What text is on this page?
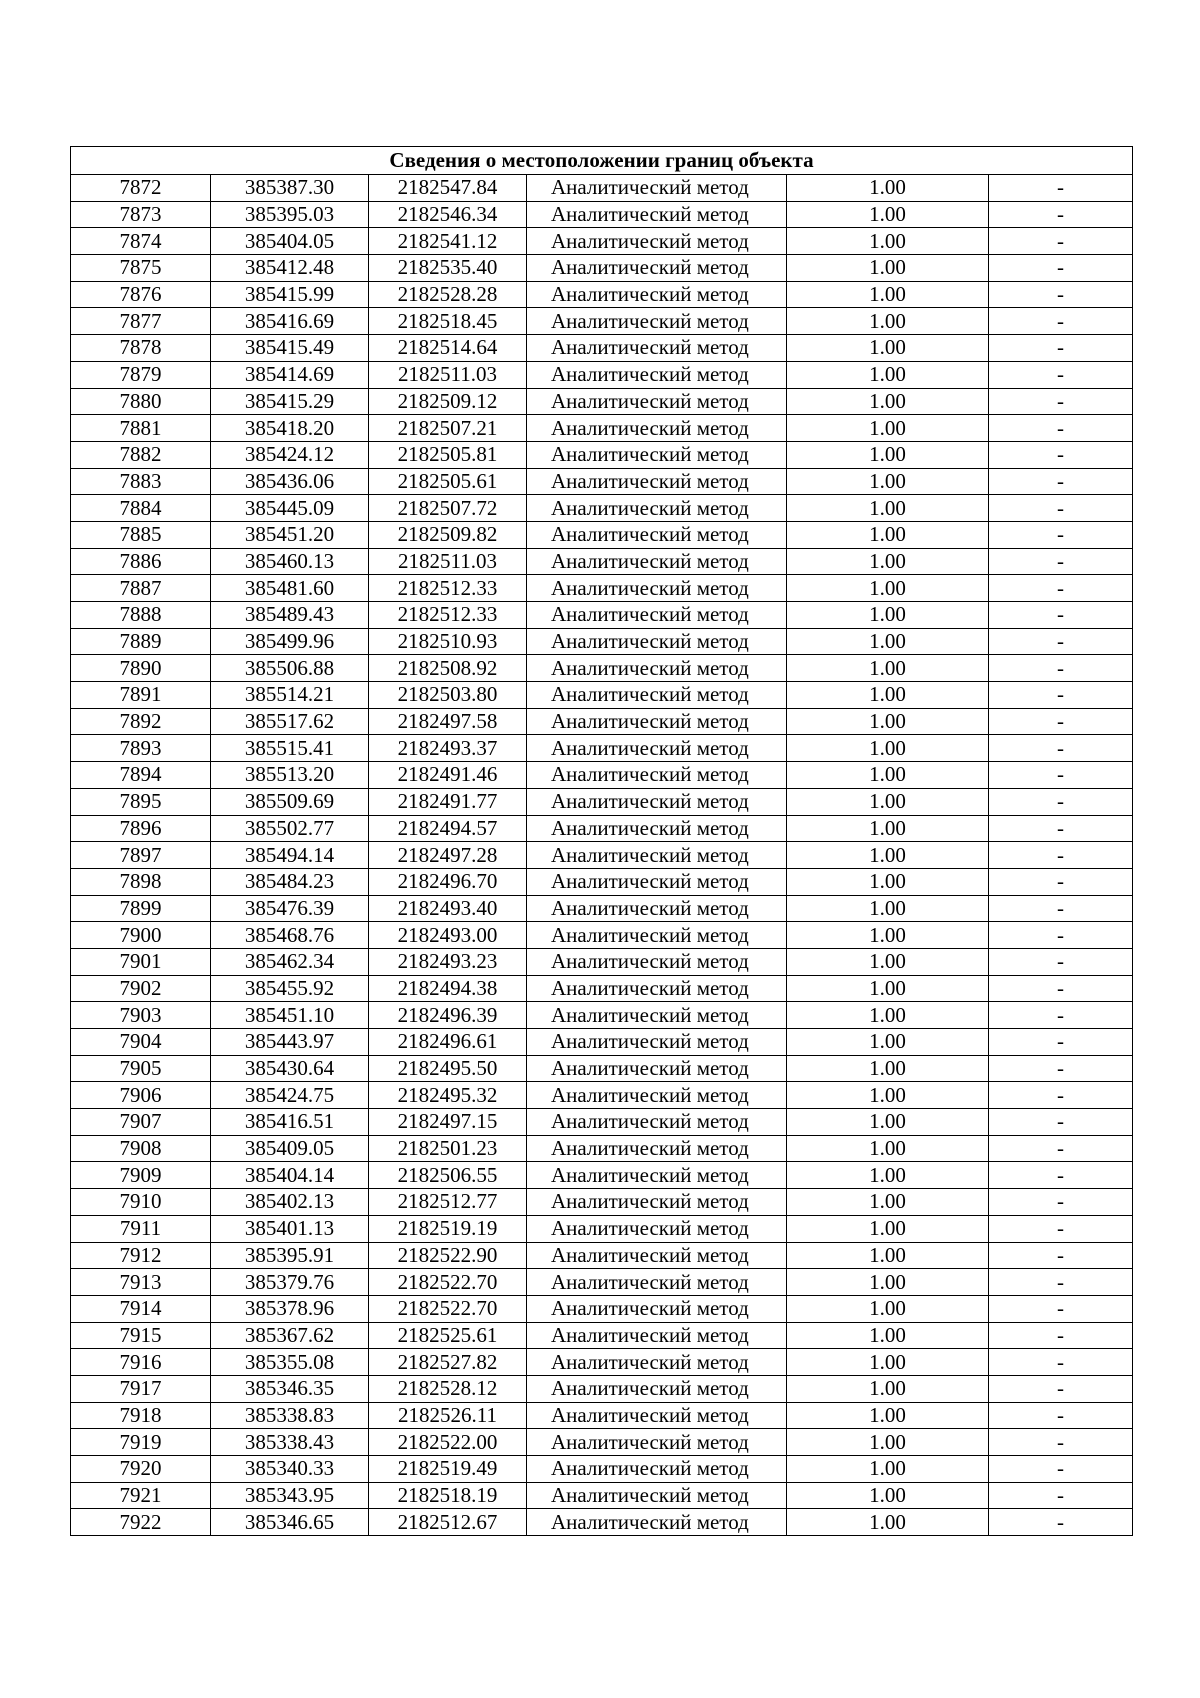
Сведения о местоположении границ объекта					
7872	385387.30	2182547.84	Аналитический метод	1.00	-
7873	385395.03	2182546.34	Аналитический метод	1.00	-
7874	385404.05	2182541.12	Аналитический метод	1.00	-
7875	385412.48	2182535.40	Аналитический метод	1.00	-
7876	385415.99	2182528.28	Аналитический метод	1.00	-
7877	385416.69	2182518.45	Аналитический метод	1.00	-
7878	385415.49	2182514.64	Аналитический метод	1.00	-
7879	385414.69	2182511.03	Аналитический метод	1.00	-
7880	385415.29	2182509.12	Аналитический метод	1.00	-
7881	385418.20	2182507.21	Аналитический метод	1.00	-
7882	385424.12	2182505.81	Аналитический метод	1.00	-
7883	385436.06	2182505.61	Аналитический метод	1.00	-
7884	385445.09	2182507.72	Аналитический метод	1.00	-
7885	385451.20	2182509.82	Аналитический метод	1.00	-
7886	385460.13	2182511.03	Аналитический метод	1.00	-
7887	385481.60	2182512.33	Аналитический метод	1.00	-
7888	385489.43	2182512.33	Аналитический метод	1.00	-
7889	385499.96	2182510.93	Аналитический метод	1.00	-
7890	385506.88	2182508.92	Аналитический метод	1.00	-
7891	385514.21	2182503.80	Аналитический метод	1.00	-
7892	385517.62	2182497.58	Аналитический метод	1.00	-
7893	385515.41	2182493.37	Аналитический метод	1.00	-
7894	385513.20	2182491.46	Аналитический метод	1.00	-
7895	385509.69	2182491.77	Аналитический метод	1.00	-
7896	385502.77	2182494.57	Аналитический метод	1.00	-
7897	385494.14	2182497.28	Аналитический метод	1.00	-
7898	385484.23	2182496.70	Аналитический метод	1.00	-
7899	385476.39	2182493.40	Аналитический метод	1.00	-
7900	385468.76	2182493.00	Аналитический метод	1.00	-
7901	385462.34	2182493.23	Аналитический метод	1.00	-
7902	385455.92	2182494.38	Аналитический метод	1.00	-
7903	385451.10	2182496.39	Аналитический метод	1.00	-
7904	385443.97	2182496.61	Аналитический метод	1.00	-
7905	385430.64	2182495.50	Аналитический метод	1.00	-
7906	385424.75	2182495.32	Аналитический метод	1.00	-
7907	385416.51	2182497.15	Аналитический метод	1.00	-
7908	385409.05	2182501.23	Аналитический метод	1.00	-
7909	385404.14	2182506.55	Аналитический метод	1.00	-
7910	385402.13	2182512.77	Аналитический метод	1.00	-
7911	385401.13	2182519.19	Аналитический метод	1.00	-
7912	385395.91	2182522.90	Аналитический метод	1.00	-
7913	385379.76	2182522.70	Аналитический метод	1.00	-
7914	385378.96	2182522.70	Аналитический метод	1.00	-
7915	385367.62	2182525.61	Аналитический метод	1.00	-
7916	385355.08	2182527.82	Аналитический метод	1.00	-
7917	385346.35	2182528.12	Аналитический метод	1.00	-
7918	385338.83	2182526.11	Аналитический метод	1.00	-
7919	385338.43	2182522.00	Аналитический метод	1.00	-
7920	385340.33	2182519.49	Аналитический метод	1.00	-
7921	385343.95	2182518.19	Аналитический метод	1.00	-
7922	385346.65	2182512.67	Аналитический метод	1.00	-
